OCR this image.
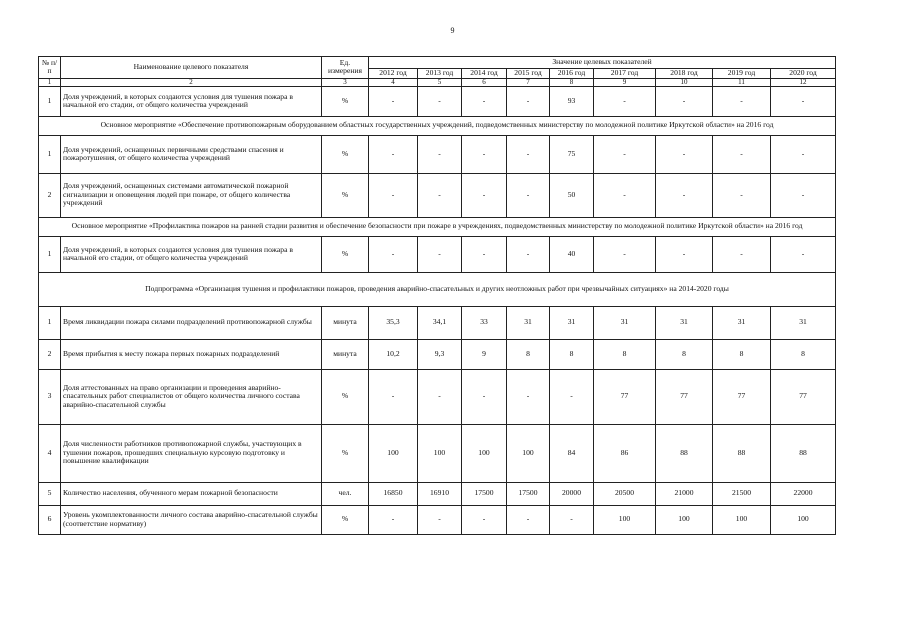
9
№ п/п	Наименование целевого показателя	Ед. измерения	Значение целевых показателей								
			2012 год	2013 год	2014 год	2015 год	2016 год	2017 год	2018 год	2019 год	2020 год
1	2	3	4	5	6	7	8	9	10	11	12
1	Доля учреждений, в которых создаются условия для тушения пожара в начальной его стадии, от общего количества учреждений	%	-	-	-	-	93	-	-	-	-
Основное мероприятие «Обеспечение противопожарным оборудованием областных государственных учреждений, подведомственных министерству по молодежной политике Иркутской области» на 2016 год											
1	Доля учреждений, оснащенных первичными средствами спасения и пожаротушения, от общего количества учреждений	%	-	-	-	-	75	-	-	-	-
2	Доля учреждений, оснащенных системами автоматической пожарной сигнализации и оповещения людей при пожаре, от общего количества учреждений	%	-	-	-	-	50	-	-	-	-
Основное мероприятие «Профилактика пожаров на ранней стадии развития и обеспечение безопасности при пожаре в учреждениях, подведомственных министерству по молодежной политике Иркутской области» на 2016 год											
1	Доля учреждений, в которых создаются условия для тушения пожара в начальной его стадии, от общего количества учреждений	%	-	-	-	-	40	-	-	-	-
Подпрограмма «Организация тушения и профилактики пожаров, проведения аварийно-спасательных и других неотложных работ при чрезвычайных ситуациях» на 2014-2020 годы											
1	Время ликвидации пожара силами подразделений противопожарной службы	минута	35,3	34,1	33	31	31	31	31	31	31
2	Время прибытия к месту пожара первых пожарных подразделений	минута	10,2	9,3	9	8	8	8	8	8	8
3	Доля аттестованных на право организации и проведения аварийно-спасательных работ специалистов от общего количества личного состава аварийно-спасательной службы	%	-	-	-	-	-	77	77	77	77
4	Доля численности работников противопожарной службы, участвующих в тушении пожаров, прошедших специальную курсовую подготовку и повышение квалификации	%	100	100	100	100	84	86	88	88	88
5	Количество населения, обученного мерам пожарной безопасности	чел.	16850	16910	17500	17500	20000	20500	21000	21500	22000
6	Уровень укомплектованности личного состава аварийно-спасательной службы (соответствие нормативу)	%	-	-	-	-	-	100	100	100	100
